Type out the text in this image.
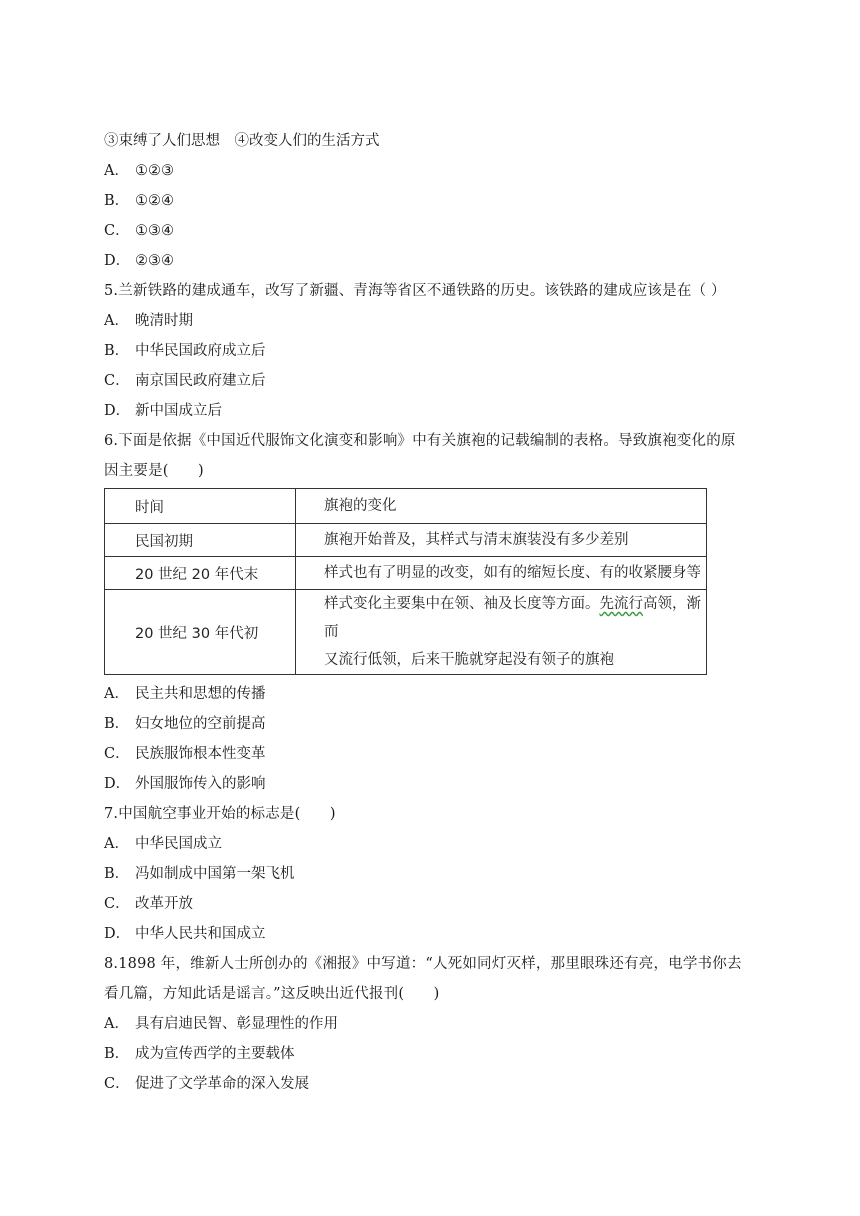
③束缚了人们思想　④改变人们的生活方式
A． ①②③
B． ①②④
C． ①③④
D． ②③④
5.兰新铁路的建成通车，改写了新疆、青海等省区不通铁路的历史。该铁路的建成应该是在（ ）
A． 晚清时期
B． 中华民国政府成立后
C． 南京国民政府建立后
D． 新中国成立后
6.下面是依据《中国近代服饰文化演变和影响》中有关旗袍的记载编制的表格。导致旗袍变化的原
因主要是(　　)
时间	旗袍的变化
民国初期	旗袍开始普及，其样式与清末旗装没有多少差别
20 世纪 20 年代末	样式也有了明显的改变，如有的缩短长度、有的收紧腰身等
20 世纪 30 年代初	样式变化主要集中在领、袖及长度等方面。先流行高领，渐而
又流行低领，后来干脆就穿起没有领子的旗袍
A． 民主共和思想的传播
B． 妇女地位的空前提高
C． 民族服饰根本性变革
D． 外国服饰传入的影响
7.中国航空事业开始的标志是(　　)
A． 中华民国成立
B． 冯如制成中国第一架飞机
C． 改革开放
D． 中华人民共和国成立
8.1898 年，维新人士所创办的《湘报》中写道：“人死如同灯灭样，那里眼珠还有亮，电学书你去
看几篇，方知此话是谣言。”这反映出近代报刊(　　)
A． 具有启迪民智、彰显理性的作用
B． 成为宣传西学的主要载体
C． 促进了文学革命的深入发展
